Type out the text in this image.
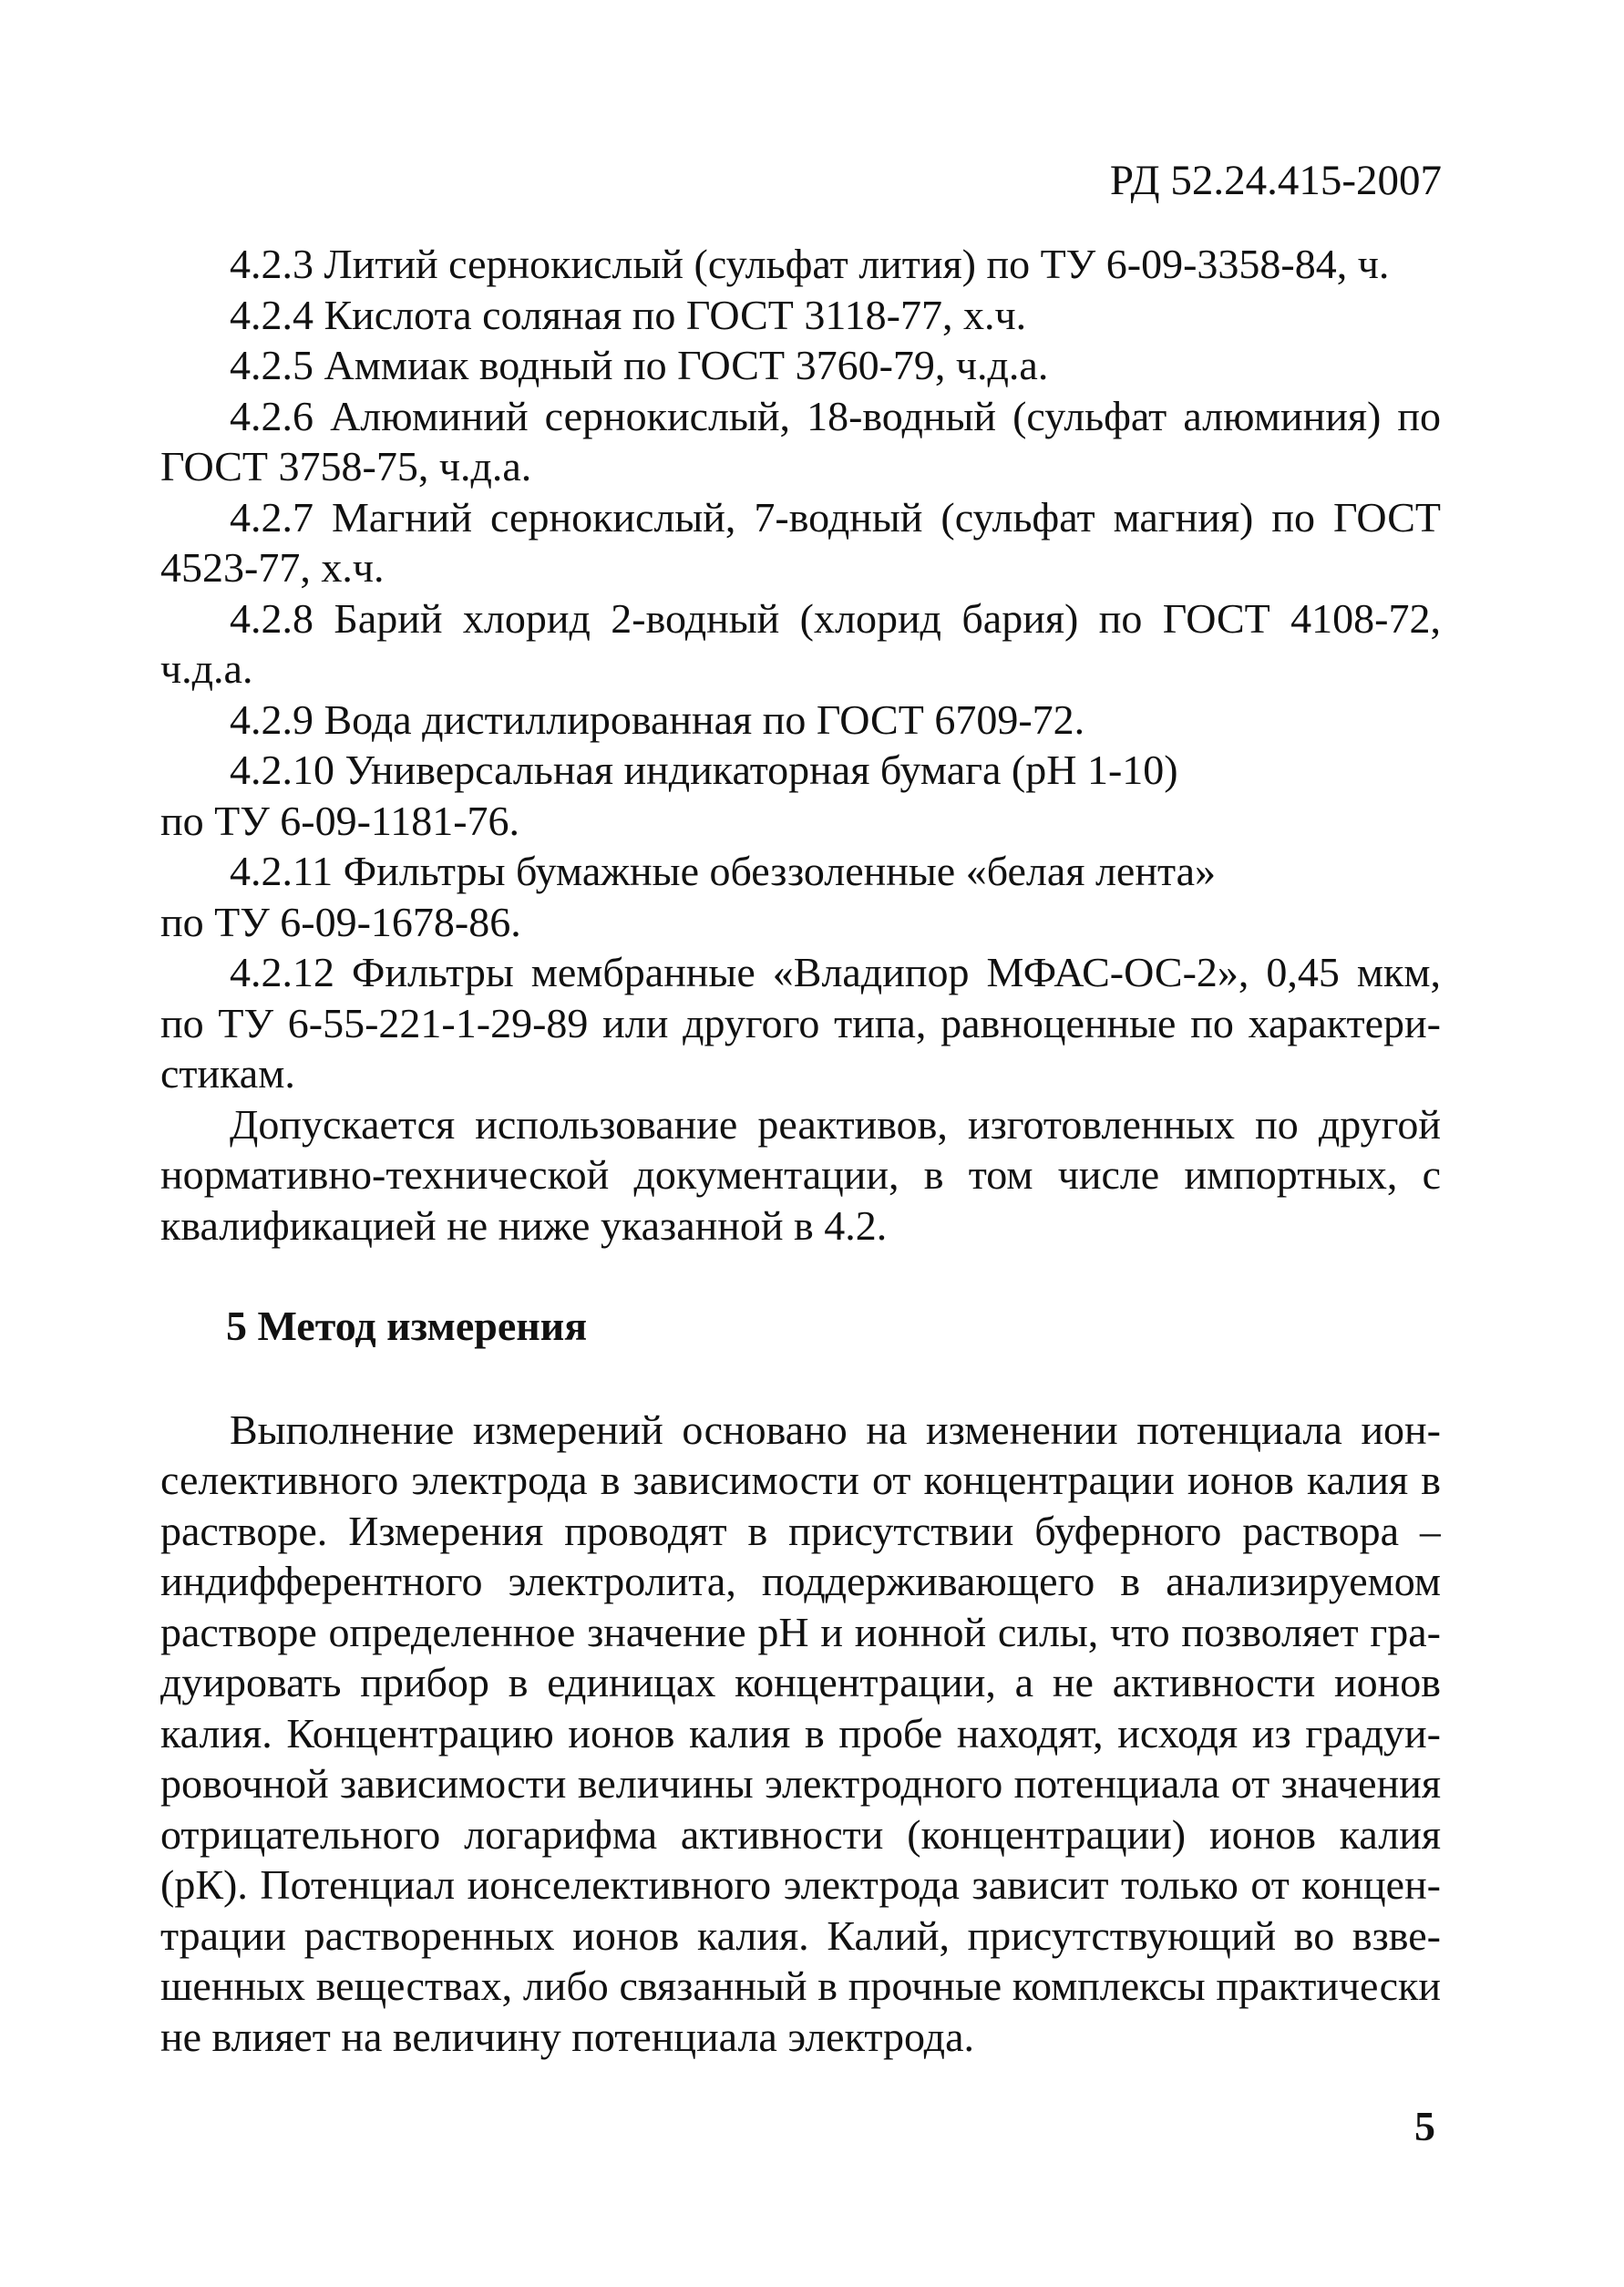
РД 52.24.415-2007
4.2.3 Литий сернокислый (сульфат лития) по ТУ 6-09-3358-84, ч.
4.2.4 Кислота соляная по ГОСТ 3118-77, х.ч.
4.2.5 Аммиак водный по ГОСТ 3760-79, ч.д.а.
4.2.6 Алюминий сернокислый, 18-водный (сульфат алюминия) по
ГОСТ 3758-75, ч.д.а.
4.2.7 Магний сернокислый, 7-водный (сульфат магния) по ГОСТ
4523-77, х.ч.
4.2.8 Барий хлорид 2-водный (хлорид бария) по ГОСТ 4108-72,
ч.д.а.
4.2.9 Вода дистиллированная по ГОСТ 6709-72.
4.2.10 Универсальная индикаторная бумага (рН 1-10)
по ТУ 6-09-1181-76.
4.2.11 Фильтры бумажные обеззоленные «белая лента»
по ТУ 6-09-1678-86.
4.2.12 Фильтры мембранные «Владипор МФАС-ОС-2», 0,45 мкм,
по ТУ 6-55-221-1-29-89 или другого типа, равноценные по характери-
стикам.
Допускается использование реактивов, изготовленных по другой
нормативно-технической документации, в том числе импортных, с
квалификацией не ниже указанной в 4.2.
5 Метод измерения
Выполнение измерений основано на изменении потенциала ион-
селективного электрода в зависимости от концентрации ионов калия в
растворе. Измерения проводят в присутствии буферного раствора –
индифферентного электролита, поддерживающего в анализируемом
растворе определенное значение рН и ионной силы, что позволяет гра-
дуировать прибор в единицах концентрации, а не активности ионов
калия. Концентрацию ионов калия в пробе находят, исходя из градуи-
ровочной зависимости величины электродного потенциала от значения
отрицательного логарифма активности (концентрации) ионов калия
(рК). Потенциал ионселективного электрода зависит только от концен-
трации растворенных ионов калия. Калий, присутствующий во взве-
шенных веществах, либо связанный в прочные комплексы практически
не влияет на величину потенциала электрода.
5
